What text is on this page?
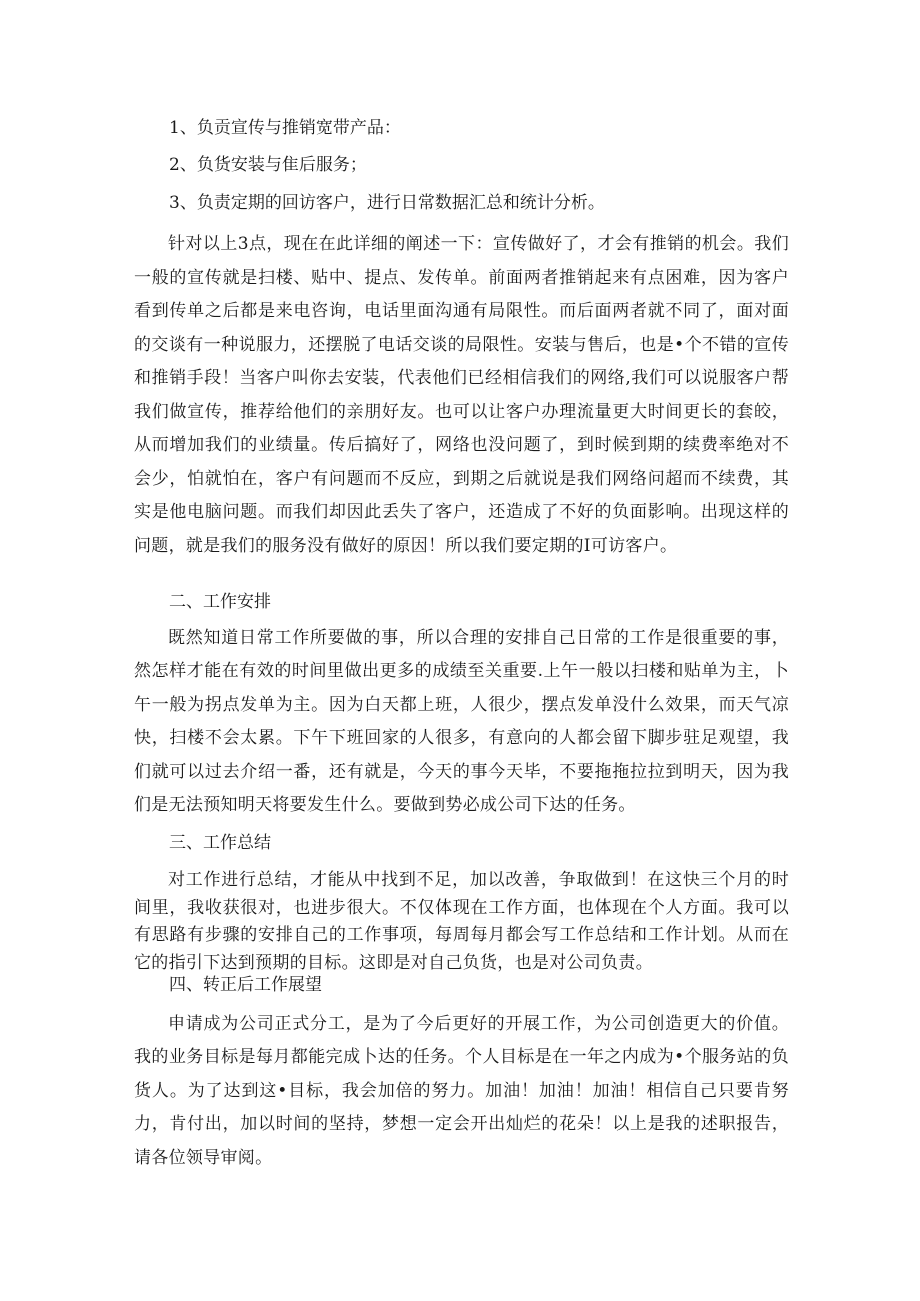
1、负贡宣传与推销宽带产品：

2、负货安装与隹后服务；

3、负责定期的回访客户，进行日常数据汇总和统计分析。

针对以上3点，现在在此详细的阐述一下：宣传做好了，才会有推销的机会。我们一般的宣传就是扫楼、贴中、提点、发传单。前面两者推销起来有点困难，因为客户看到传单之后都是来电咨询，电话里面沟通有局限性。而后面两者就不同了，面对面的交谈有一种说服力，还摆脱了电话交谈的局限性。安装与售后，也是•个不错的宣传和推销手段！当客户叫你去安装，代表他们已经相信我们的网络,我们可以说服客户帮我们做宣传，推荐给他们的亲朋好友。也可以让客户办理流量更大时间更长的套皎，从而增加我们的业绩量。传后搞好了，网络也没问题了，到时候到期的续费率绝对不会少，怕就怕在，客户有问题而不反应，到期之后就说是我们网络问超而不续费，其实是他电脑问题。而我们却因此丢失了客户，还造成了不好的负面影响。出现这样的问题，就是我们的服务没有做好的原因！所以我们要定期的I可访客户。

二、工作安排

既然知道日常工作所要做的事，所以合理的安排自己日常的工作是很重要的事，然怎样才能在有效的时间里做出更多的成绩至关重要.上午一般以扫楼和贴单为主，卜午一般为拐点发单为主。因为白天都上班，人很少，摆点发单没什么效果，而天气凉快，扫楼不会太累。下午下班回家的人很多，有意向的人都会留下脚步驻足观望，我们就可以过去介绍一番，还有就是，今天的事今天毕，不要拖拖拉拉到明天，因为我们是无法预知明天将要发生什么。要做到势必成公司下达的任务。

三、工作总结

对工作进行总结，才能从中找到不足，加以改善，争取做到！在这快三个月的时间里，我收获很对，也进步很大。不仅体现在工作方面，也体现在个人方面。我可以有思路有步骤的安排自己的工作事项，每周每月都会写工作总结和工作计划。从而在它的指引下达到预期的目标。这即是对自己负货，也是对公司负责。

四、转正后工作展望

申请成为公司正式分工，是为了今后更好的开展工作，为公司创造更大的价值。我的业务目标是每月都能完成卜达的任务。个人目标是在一年之内成为•个服务站的负货人。为了达到这•目标，我会加倍的努力。加油！加油！加油！相信自己只要肯努力，肯付出，加以时间的坚持，梦想一定会开出灿烂的花朵！以上是我的述职报告，请各位领导审阅。
